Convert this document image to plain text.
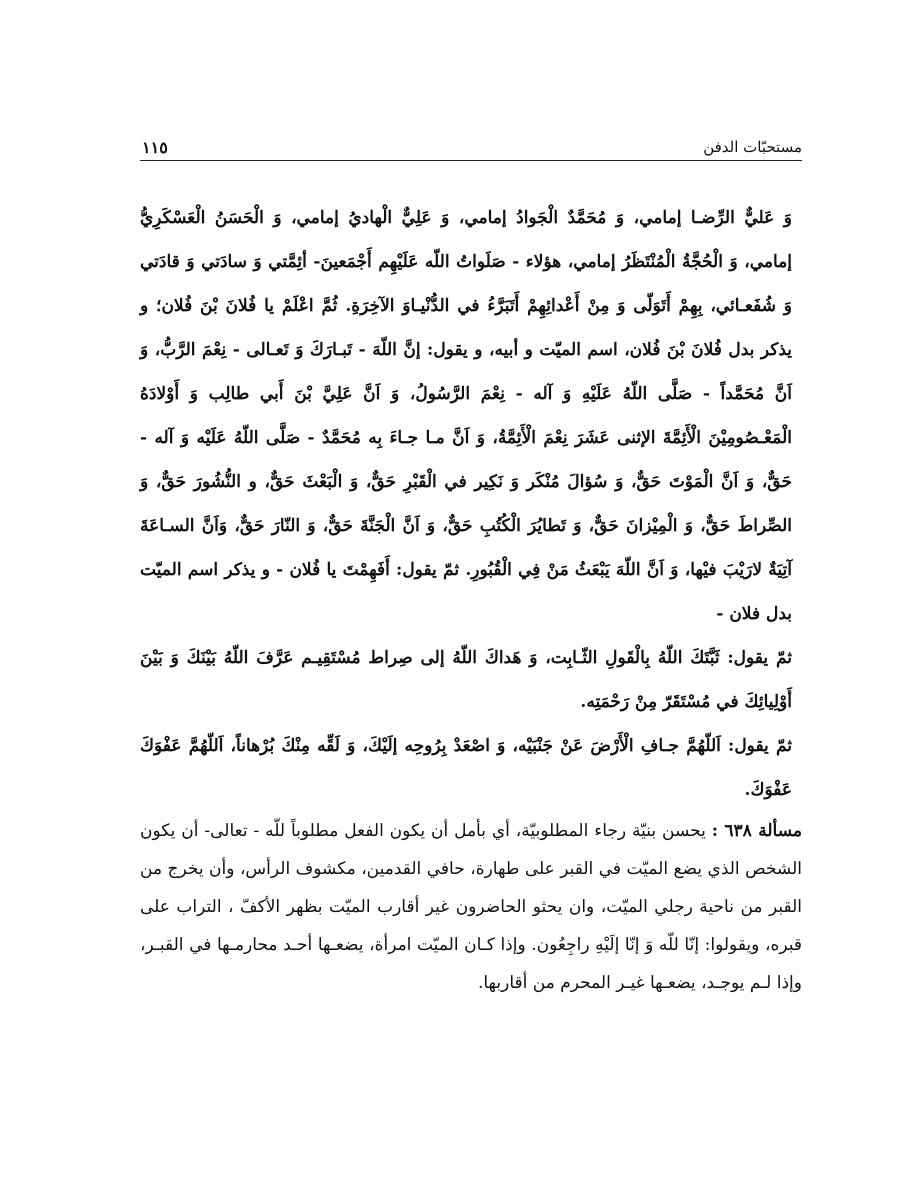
مستحبّات الدفن
١١٥

وَ عَليٌّ الرِّضـا إمامي، وَ مُحَمَّدٌ الْجَوادُ إمامي، وَ عَلِيٌّ الْهاديُ إمامي، وَ الْحَسَنُ الْعَسْكَرِيُّ إمامي، وَ الْحُجَّةُ الْمُنْتَظَرُ إمامي، هؤلاء - صَلَواتُ اللّه عَلَيْهِم أَجْمَعينَ- أئِمَّتي وَ سادَتي وَ قادَتي وَ شُفَعـائي، بِهِمْ أَتَوَلّى وَ مِنْ أَعْدائِهِمْ أَتَبَرَّءُ في الدُّنْيـاوَ الآخِرَةِ. ثُمَّ اعْلَمْ يا فُلانَ بْنَ فُلان؛ و يذكر بدل فُلانَ بْنَ فُلان، اسم الميّت و أبيه، و يقول: إنَّ اللّهَ - تَبـارَكَ وَ تَعـالى - نِعْمَ الرَّبُّ، وَ اَنَّ مُحَمَّداً - صَلَّى اللّهُ عَلَيْهِ وَ آله - نِعْمَ الرَّسُولُ، وَ اَنَّ عَلِيَّ بْنَ أَبي طالِب وَ أَوْلادَهُ الْمَعْـصُومِيْنَ الْأَئِمَّةَ الإثنى عَشَرَ نِعْمَ الْأَئِمَّةُ، وَ اَنَّ مـا جـاءَ بِه مُحَمَّدٌ - صَلَّى اللّهُ عَلَيْه وَ آله - حَقٌّ، وَ اَنَّ الْمَوْتَ حَقٌّ، وَ سُؤالَ مُنْكَر وَ نَكِير في الْقَبْرِ حَقٌّ، وَ الْبَعْثَ حَقٌّ، و النُّشُورَ حَقٌّ، وَ الصِّراطَ حَقٌّ، وَ الْمِيْزانَ حَقٌّ، وَ تَطايُرَ الْكُتُبِ حَقٌّ، وَ اَنَّ الْجَنَّةَ حَقٌّ، وَ النّارَ حَقٌّ، وَاَنَّ السـاعَةَ آتِيَةٌ لارَيْبَ فيْها، وَ اَنَّ اللّهَ يَبْعَثُ مَنْ فِي الْقُبُورِ. ثمّ يقول: أَفَهِمْتَ يا فُلان - و يذكر اسم الميّت بدل فلان -

ثمّ يقول: ثَبَّتَكَ اللّهُ بِالْقَولِ الثّـابِت، وَ هَداكَ اللّهُ إلى صِراط مُسْتَقِيـم عَرَّفَ اللّهُ بَيْنَكَ وَ بَيْنَ أَوْلِيائِكَ في مُسْتَقَرّ مِنْ رَحْمَتِه.

ثمّ يقول: اَللّهُمَّ جـافِ الْأَرْضَ عَنْ جَنْبَيْه، وَ اصْعَدْ بِرُوحِه إلَيْكَ، وَ لَقِّه مِنْكَ بُرْهاناً، اَللّهُمَّ عَفْوَكَ عَفْوَكَ.

مسألة ٦٣٨ : يحسن بنيّة رجاء المطلوبيّة، أي بأمل أن يكون الفعل مطلوباً للّه - تعالى- أن يكون الشخص الذي يضع الميّت في القبر على طهارة، حافي القدمين، مكشوف الرأس، وأن يخرج من القبر من ناحية رجلي الميّت، وان يحثو الحاضرون غير أقارب الميّت بظهر الأكفّ ، التراب على قبره، ويقولوا: إنّا للّه وَ إنّا إلَيْهِ راجِعُون. وإذا كـان الميّت امرأة، يضعـها أحـد محارمـها في القبـر، وإذا لـم يوجـد، يضعـها غيـر المحرم من أقاربها.
